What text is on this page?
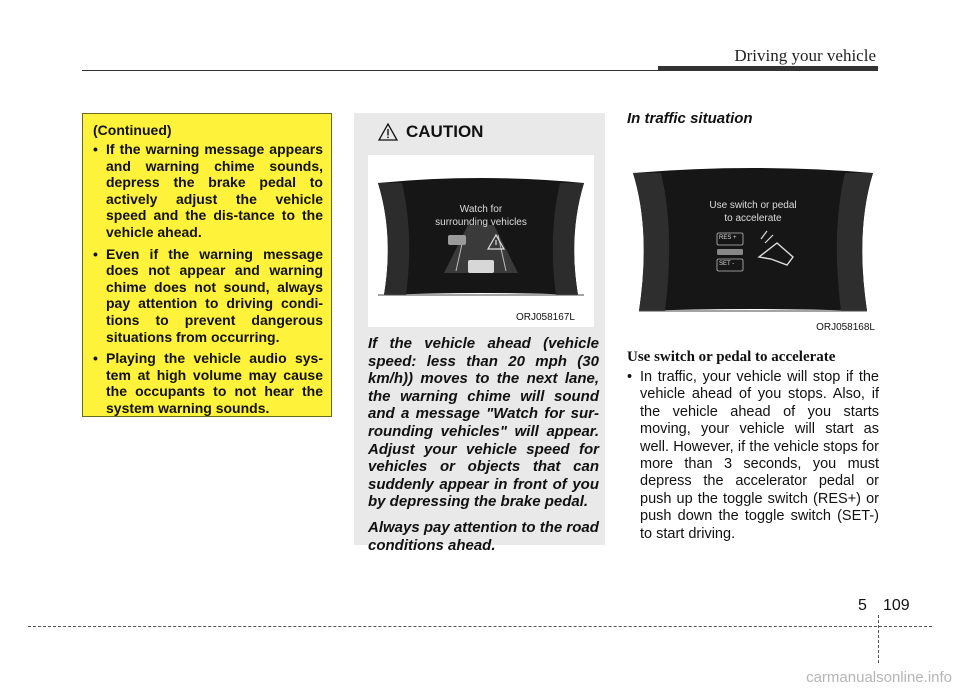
Driving your vehicle
(Continued)
• If the warning message appears and warning chime sounds, depress the brake pedal to actively adjust the vehicle speed and the dis-tance to the vehicle ahead.
• Even if the warning message does not appear and warning chime does not sound, always pay attention to driving condi-tions to prevent dangerous situations from occurring.
• Playing the vehicle audio sys-tem at high volume may cause the occupants to not hear the system warning sounds.
CAUTION
Watch for
surrounding vehicles
ORJ058167L

If the vehicle ahead (vehicle speed: less than 20 mph (30 km/h)) moves to the next lane, the warning chime will sound and a message "Watch for sur-rounding vehicles" will appear. Adjust your vehicle speed for vehicles or objects that can suddenly appear in front of you by depressing the brake pedal.

Always pay attention to the road conditions ahead.

In traffic situation
Use switch or pedal
to accelerate
RES +
SET -
ORJ058168L
Use switch or pedal to accelerate
• In traffic, your vehicle will stop if the vehicle ahead of you stops. Also, if the vehicle ahead of you starts moving, your vehicle will start as well. However, if the vehicle stops for more than 3 seconds, you must depress the accelerator pedal or push up the toggle switch (RES+) or push down the toggle switch (SET-) to start driving.
5 109
carmanualsonline.info
